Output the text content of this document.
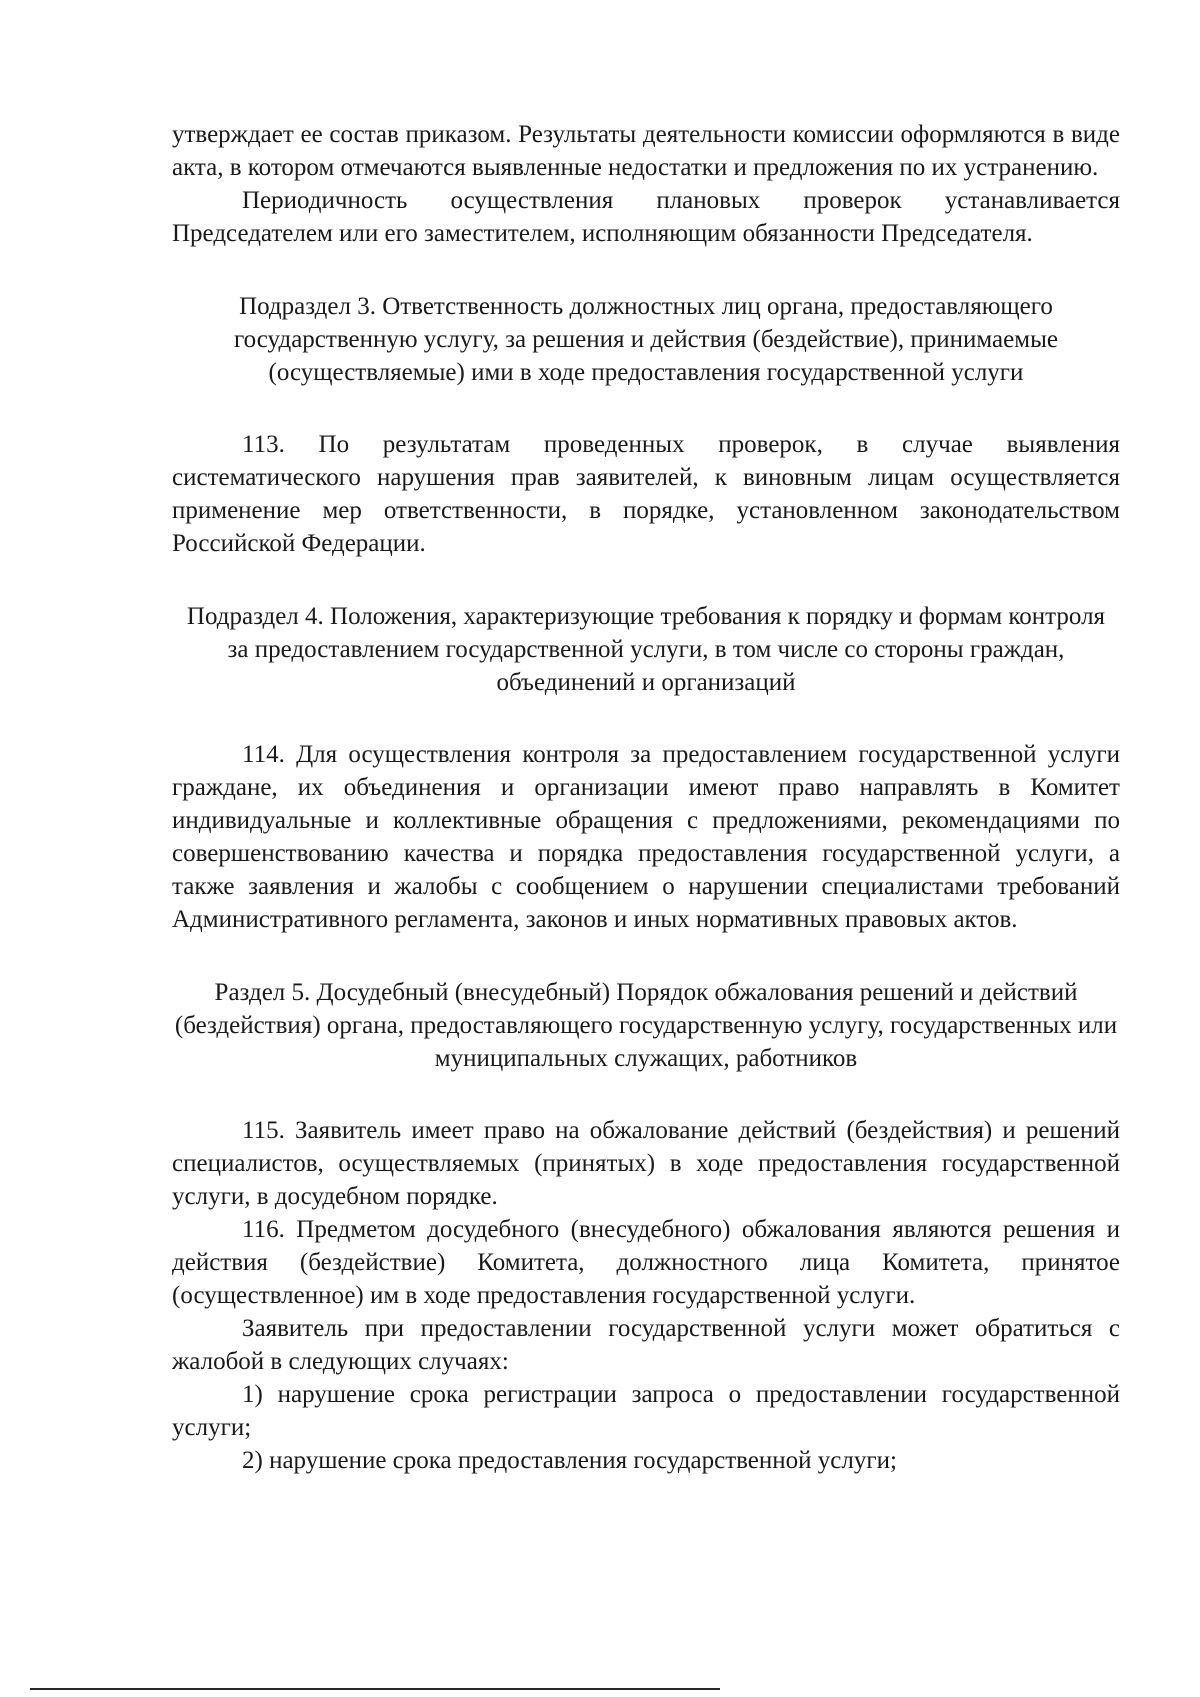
утверждает ее состав приказом. Результаты деятельности комиссии оформляются в виде акта, в котором отмечаются выявленные недостатки и предложения по их устранению.

Периодичность осуществления плановых проверок устанавливается Председателем или его заместителем, исполняющим обязанности Председателя.

Подраздел 3. Ответственность должностных лиц органа, предоставляющего государственную услугу, за решения и действия (бездействие), принимаемые (осуществляемые) ими в ходе предоставления государственной услуги

113. По результатам проведенных проверок, в случае выявления систематического нарушения прав заявителей, к виновным лицам осуществляется применение мер ответственности, в порядке, установленном законодательством Российской Федерации.

Подраздел 4. Положения, характеризующие требования к порядку и формам контроля за предоставлением государственной услуги, в том числе со стороны граждан, объединений и организаций

114. Для осуществления контроля за предоставлением государственной услуги граждане, их объединения и организации имеют право направлять в Комитет индивидуальные и коллективные обращения с предложениями, рекомендациями по совершенствованию качества и порядка предоставления государственной услуги, а также заявления и жалобы с сообщением о нарушении специалистами требований Административного регламента, законов и иных нормативных правовых актов.

Раздел 5. Досудебный (внесудебный) Порядок обжалования решений и действий (бездействия) органа, предоставляющего государственную услугу, государственных или муниципальных служащих, работников

115. Заявитель имеет право на обжалование действий (бездействия) и решений специалистов, осуществляемых (принятых) в ходе предоставления государственной услуги, в досудебном порядке.

116. Предметом досудебного (внесудебного) обжалования являются решения и действия (бездействие) Комитета, должностного лица Комитета, принятое (осуществленное) им в ходе предоставления государственной услуги.

Заявитель при предоставлении государственной услуги может обратиться с жалобой в следующих случаях:

1) нарушение срока регистрации запроса о предоставлении государственной услуги;

2) нарушение срока предоставления государственной услуги;
